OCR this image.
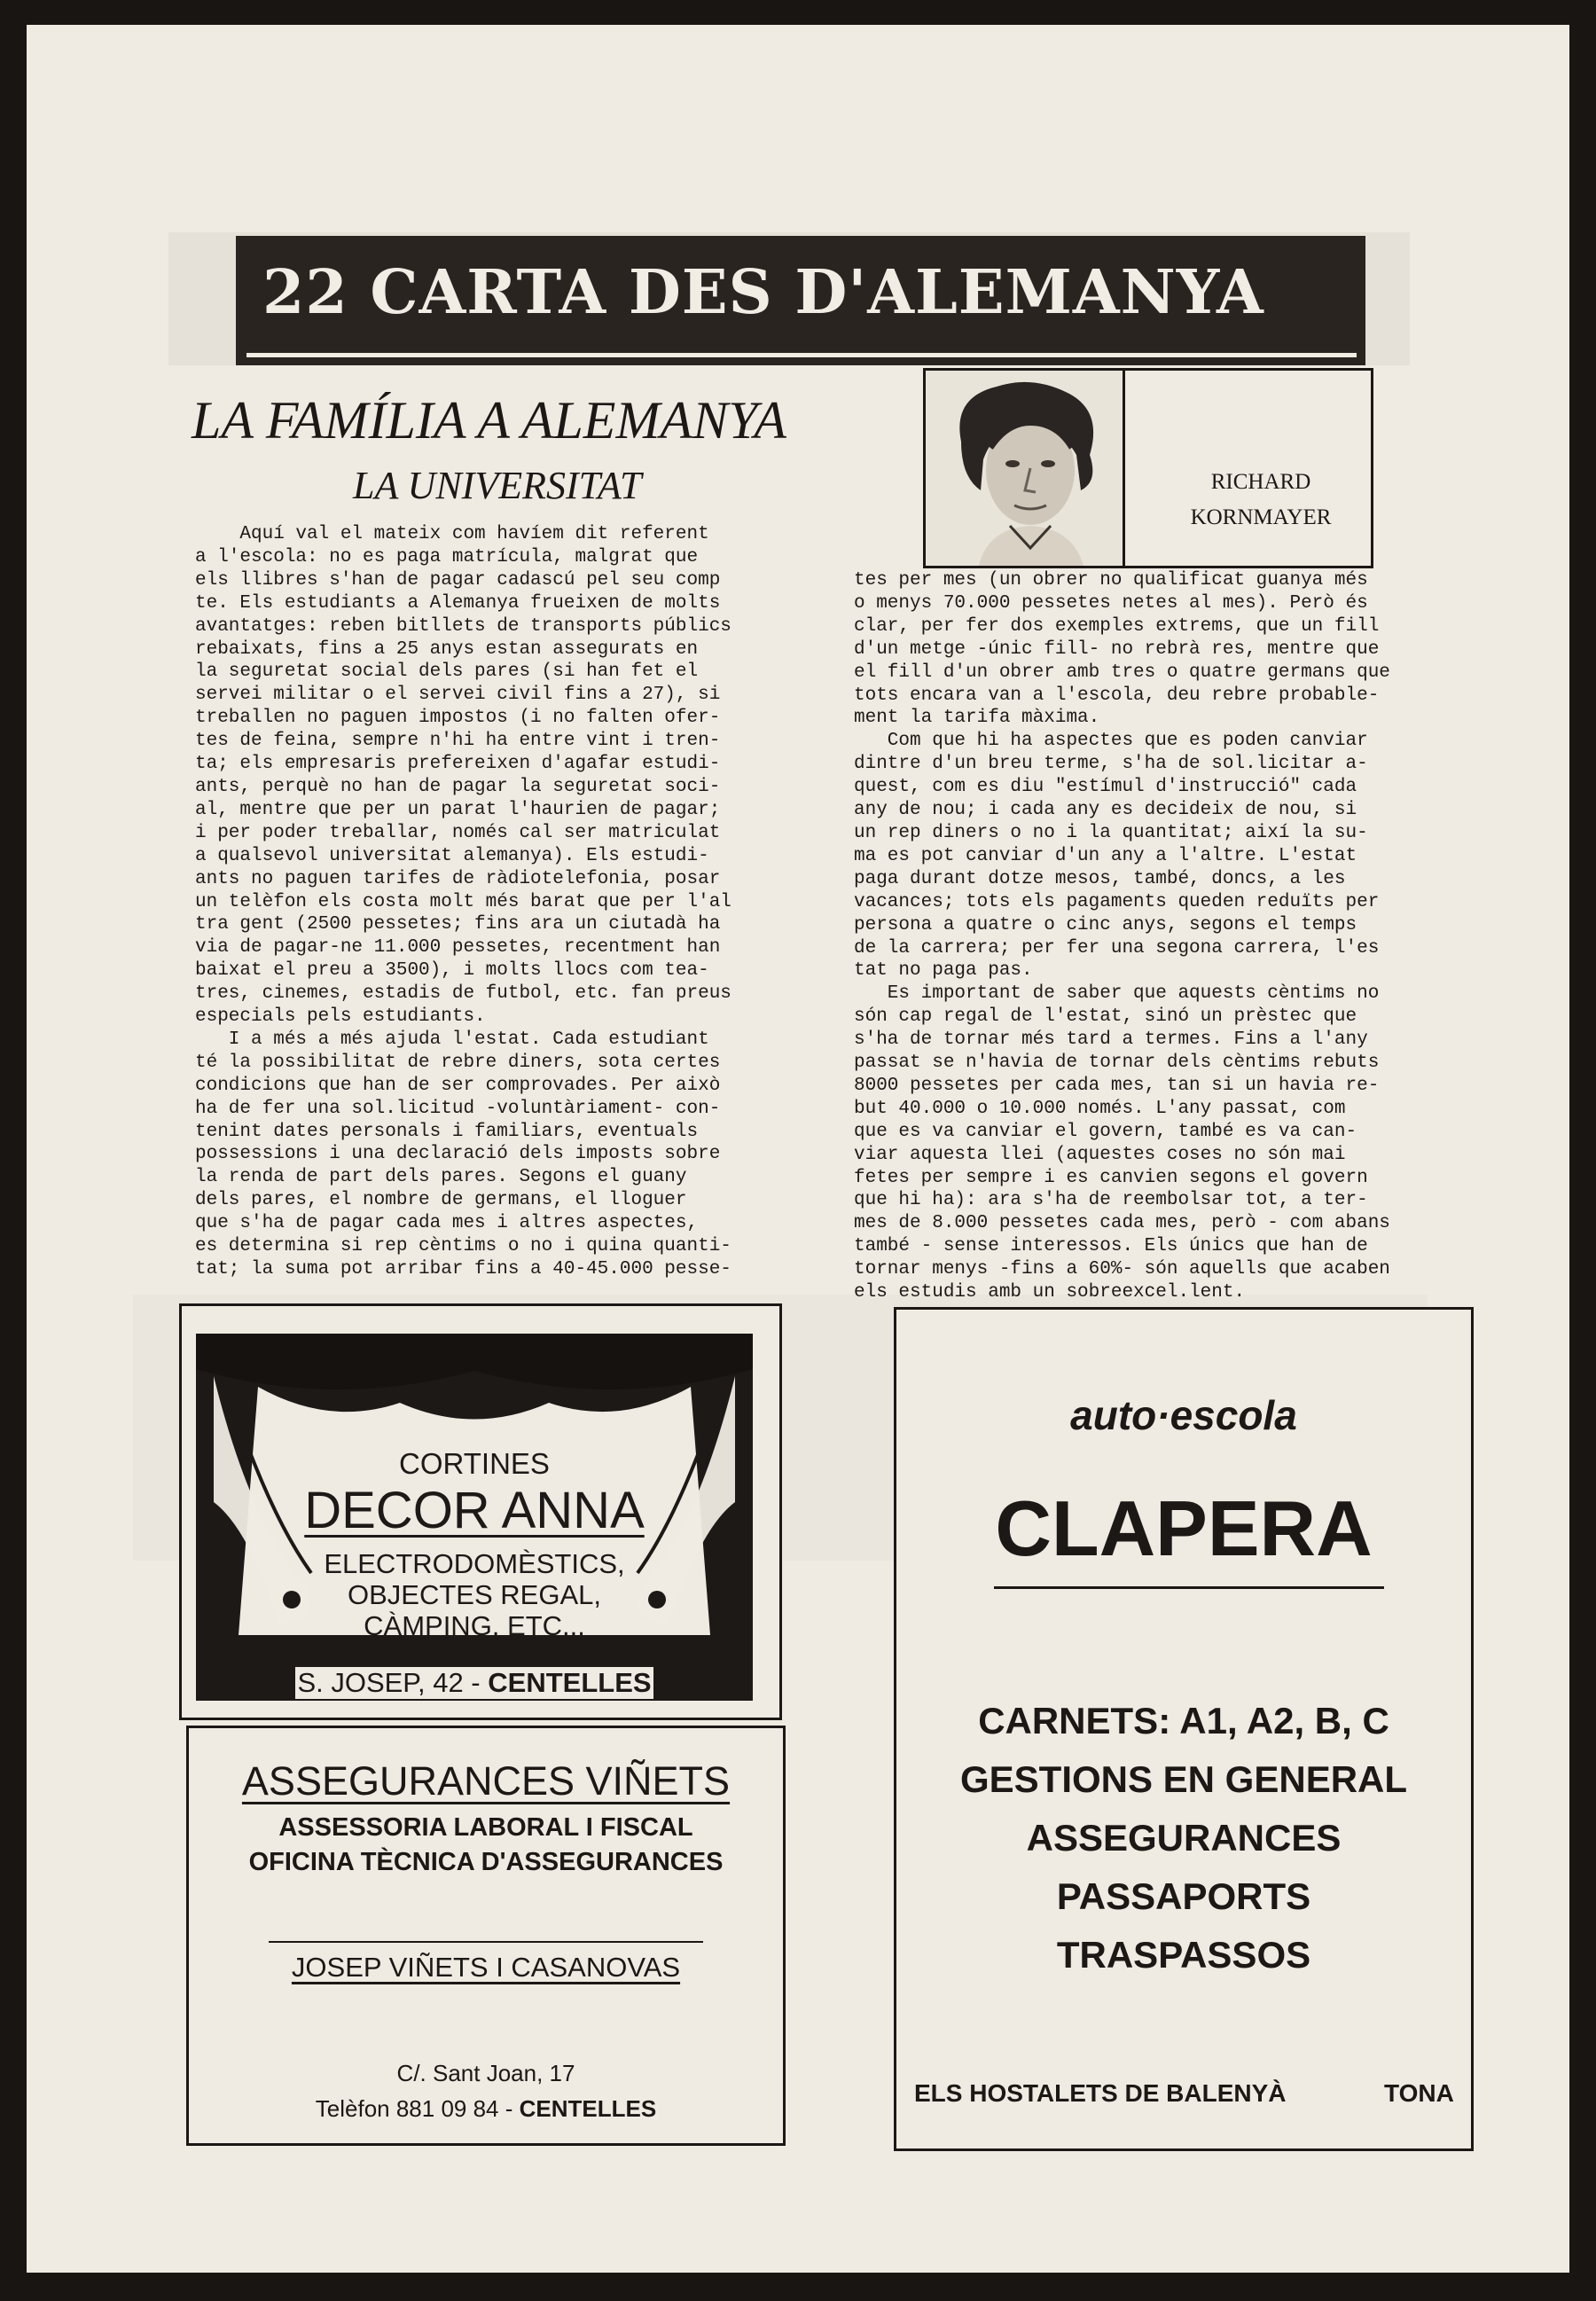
22 CARTA DES D'ALEMANYA
LA FAMÍLIA A ALEMANYA
LA UNIVERSITAT	RICHARD
KORNMAYER
Aquí val el mateix com havíem dit referent
a l'escola: no es paga matrícula, malgrat que
els llibres s'han de pagar cadascú pel seu comp
te. Els estudiants a Alemanya frueixen de molts
avantatges: reben bitllets de transports públics
rebaixats, fins a 25 anys estan assegurats en
la seguretat social dels pares (si han fet el
servei militar o el servei civil fins a 27), si
treballen no paguen impostos (i no falten ofer-
tes de feina, sempre n'hi ha entre vint i tren-
ta; els empresaris prefereixen d'agafar estudi-
ants, perquè no han de pagar la seguretat soci-
al, mentre que per un parat l'haurien de pagar;
i per poder treballar, només cal ser matriculat
a qualsevol universitat alemanya). Els estudi-
ants no paguen tarifes de ràdiotelefonia, posar
un telèfon els costa molt més barat que per l'al
tra gent (2500 pessetes; fins ara un ciutadà ha
via de pagar-ne 11.000 pessetes, recentment han
baixat el preu a 3500), i molts llocs com tea-
tres, cinemes, estadis de futbol, etc. fan preus
especials pels estudiants.
I a més a més ajuda l'estat. Cada estudiant
té la possibilitat de rebre diners, sota certes
condicions que han de ser comprovades. Per això
ha de fer una sol.licitud -voluntàriament- con-
tenint dates personals i familiars, eventuals
possessions i una declaració dels imposts sobre
la renda de part dels pares. Segons el guany
dels pares, el nombre de germans, el lloguer
que s'ha de pagar cada mes i altres aspectes,
es determina si rep cèntims o no i quina quanti-
tat; la suma pot arribar fins a 40-45.000 pesse-
tes per mes (un obrer no qualificat guanya més
o menys 70.000 pessetes netes al mes). Però és
clar, per fer dos exemples extrems, que un fill
d'un metge -únic fill- no rebrà res, mentre que
el fill d'un obrer amb tres o quatre germans que
tots encara van a l'escola, deu rebre probable-
ment la tarifa màxima.
Com que hi ha aspectes que es poden canviar
dintre d'un breu terme, s'ha de sol.licitar a-
quest, com es diu "estímul d'instrucció" cada
any de nou; i cada any es decideix de nou, si
un rep diners o no i la quantitat; així la su-
ma es pot canviar d'un any a l'altre. L'estat
paga durant dotze mesos, també, doncs, a les
vacances; tots els pagaments queden reduïts per
persona a quatre o cinc anys, segons el temps
de la carrera; per fer una segona carrera, l'es
tat no paga pas.
Es important de saber que aquests cèntims no
són cap regal de l'estat, sinó un prèstec que
s'ha de tornar més tard a termes. Fins a l'any
passat se n'havia de tornar dels cèntims rebuts
8000 pessetes per cada mes, tan si un havia re-
but 40.000 o 10.000 només. L'any passat, com
que es va canviar el govern, també es va can-
viar aquesta llei (aquestes coses no són mai
fetes per sempre i es canvien segons el govern
que hi ha): ara s'ha de reembolsar tot, a ter-
mes de 8.000 pessetes cada mes, però - com abans
també - sense interessos. Els únics que han de
tornar menys -fins a 60%- són aquells que acaben
els estudis amb un sobreexcel.lent.
CORTINES
DECOR ANNA
ELECTRODOMÈSTICS,
OBJECTES REGAL,
CÀMPING, ETC...
S. JOSEP, 42 - CENTELLES
ASSEGURANCES VIÑETS
ASSESSORIA LABORAL I FISCAL
OFICINA TÈCNICA D'ASSEGURANCES
JOSEP VIÑETS I CASANOVAS
C/. Sant Joan, 17
Telèfon 881 09 84 - CENTELLES
auto·escola
CLAPERA
CARNETS: A1, A2, B, C
GESTIONS EN GENERAL
ASSEGURANCES
PASSAPORTS
TRASPASSOS
ELS HOSTALETS DE BALENYÀ	TONA
